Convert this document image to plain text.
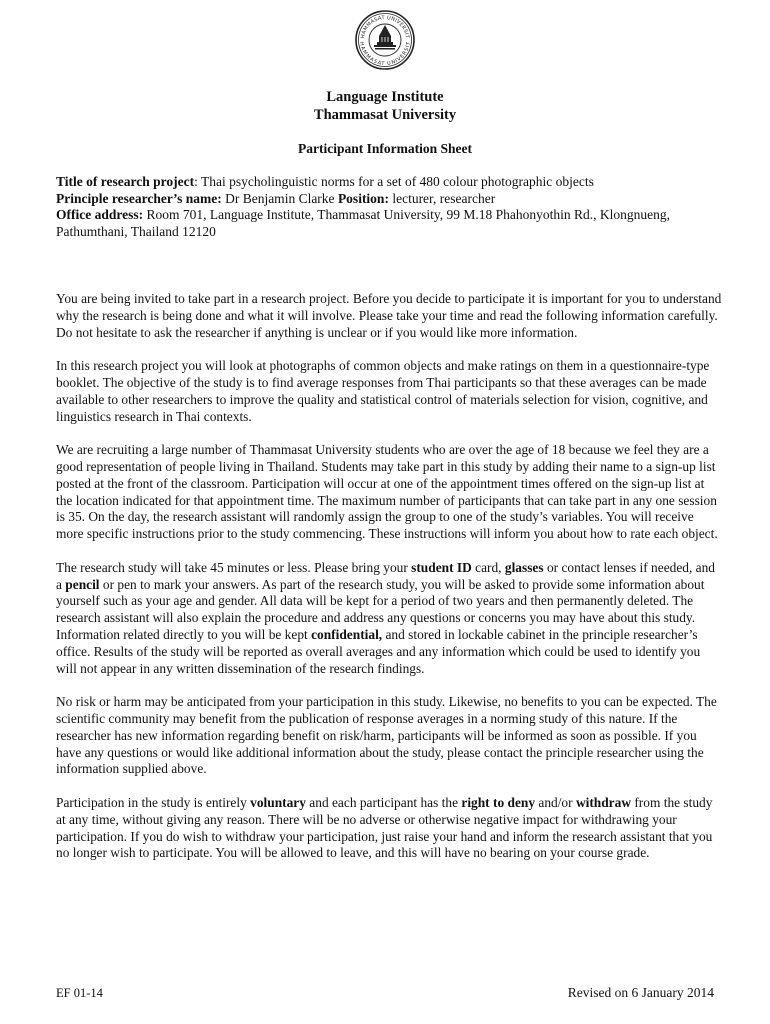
HAMMASAT UNIVERSIT
HAMMASAT UNIVERSIT
Language Institute
Thammasat University
Participant Information Sheet
Title of research project: Thai psycholinguistic norms for a set of 480 colour photographic objects
Principle researcher’s name: Dr Benjamin Clarke Position: lecturer, researcher
Office address: Room 701, Language Institute, Thammasat University, 99 M.18 Phahonyothin Rd., Klongnueng, Pathumthani, Thailand 12120

You are being invited to take part in a research project. Before you decide to participate it is important for you to understand why the research is being done and what it will involve. Please take your time and read the following information carefully. Do not hesitate to ask the researcher if anything is unclear or if you would like more information.

In this research project you will look at photographs of common objects and make ratings on them in a questionnaire-type booklet. The objective of the study is to find average responses from Thai participants so that these averages can be made available to other researchers to improve the quality and statistical control of materials selection for vision, cognitive, and linguistics research in Thai contexts.

We are recruiting a large number of Thammasat University students who are over the age of 18 because we feel they are a good representation of people living in Thailand. Students may take part in this study by adding their name to a sign-up list posted at the front of the classroom. Participation will occur at one of the appointment times offered on the sign-up list at the location indicated for that appointment time. The maximum number of participants that can take part in any one session is 35. On the day, the research assistant will randomly assign the group to one of the study’s variables. You will receive more specific instructions prior to the study commencing. These instructions will inform you about how to rate each object.

The research study will take 45 minutes or less. Please bring your student ID card, glasses or contact lenses if needed, and a pencil or pen to mark your answers. As part of the research study, you will be asked to provide some information about yourself such as your age and gender. All data will be kept for a period of two years and then permanently deleted. The research assistant will also explain the procedure and address any questions or concerns you may have about this study. Information related directly to you will be kept confidential, and stored in lockable cabinet in the principle researcher’s office. Results of the study will be reported as overall averages and any information which could be used to identify you will not appear in any written dissemination of the research findings.

No risk or harm may be anticipated from your participation in this study. Likewise, no benefits to you can be expected. The scientific community may benefit from the publication of response averages in a norming study of this nature. If the researcher has new information regarding benefit on risk/harm, participants will be informed as soon as possible. If you have any questions or would like additional information about the study, please contact the principle researcher using the information supplied above.

Participation in the study is entirely voluntary and each participant has the right to deny and/or withdraw from the study at any time, without giving any reason. There will be no adverse or otherwise negative impact for withdrawing your participation. If you do wish to withdraw your participation, just raise your hand and inform the research assistant that you no longer wish to participate. You will be allowed to leave, and this will have no bearing on your course grade.

EF 01-14	Revised on 6 January 2014
